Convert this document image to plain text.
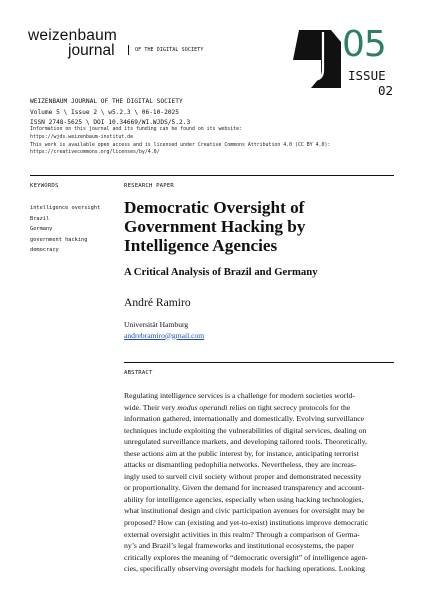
weizenbaum
journal	OF THE DIGITAL SOCIETY	05
ISSUE
02
WEIZENBAUM JOURNAL OF THE DIGITAL SOCIETY
Volume 5 \ Issue 2 \ w5.2.3 \ 06-10-2025
ISSN 2748-5625 \ DOI 10.34669/WI.WJDS/5.2.3
Information on this journal and its funding can be found on its website:
https://wjds.weizenbaum-institut.de
This work is available open access and is licensed under Creative Commons Attribution 4.0 (CC BY 4.0):
https://creativecommons.org/licenses/by/4.0/
KEYWORDS	RESEARCH PAPER
intelligence oversight
Brazil
Germany
government hacking
democracy
Democratic Oversight of
Government Hacking by
Intelligence Agencies
A Critical Analysis of Brazil and Germany
André Ramiro
Universität Hamburg
andrebramiro@gmail.com
ABSTRACT
Regulating intelligence services is a challenge for modern societies world-
wide. Their very modus operandi relies on tight secrecy protocols for the
information gathered, internationally and domestically. Evolving surveillance
techniques include exploiting the vulnerabilities of digital services, dealing on
unregulated surveillance markets, and developing tailored tools. Theoretically,
these actions aim at the public interest by, for instance, anticipating terrorist
attacks or dismantling pedophilia networks. Nevertheless, they are increas-
ingly used to surveil civil society without proper and demonstrated necessity
or proportionality. Given the demand for increased transparency and account-
ability for intelligence agencies, especially when using hacking technologies,
what institutional design and civic participation avenues for oversight may be
proposed? How can (existing and yet-to-exist) institutions improve democratic
external oversight activities in this realm? Through a comparison of Germa-
ny’s and Brazil’s legal frameworks and institutional ecosystems, the paper
critically explores the meaning of “democratic oversight” of intelligence agen-
cies, specifically observing oversight models for hacking operations. Looking
